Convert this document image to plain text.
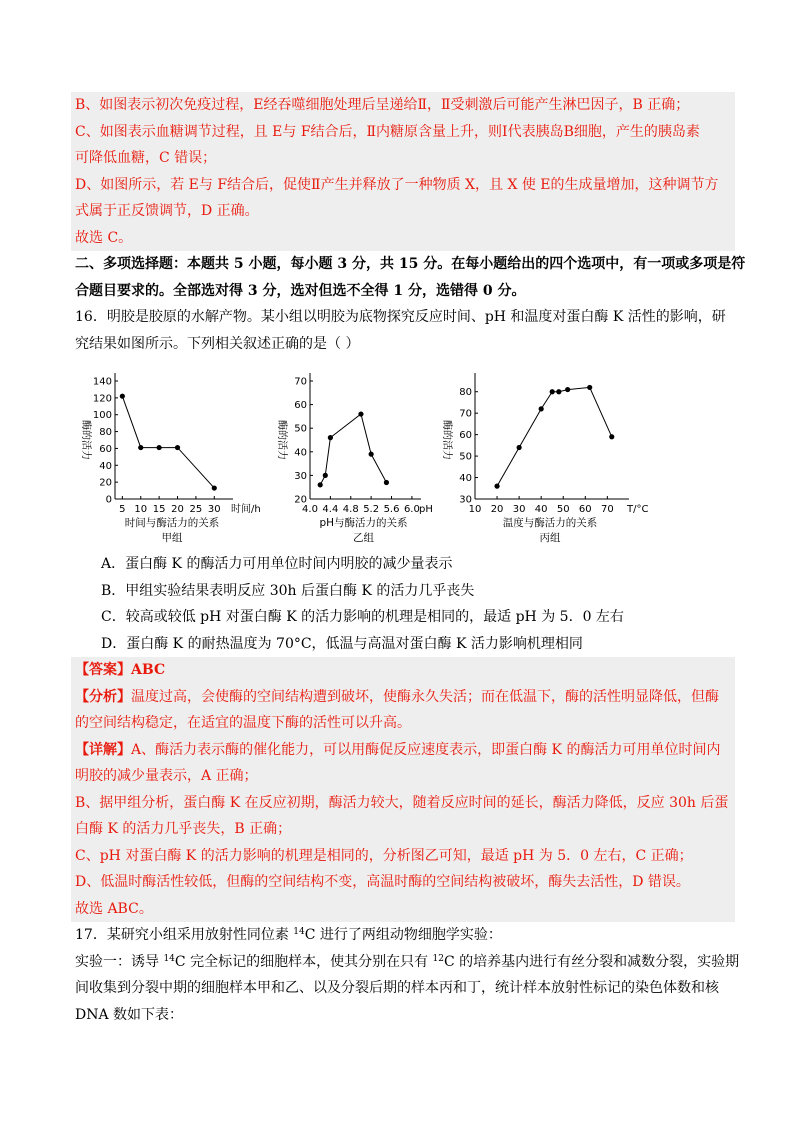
B、如图表示初次免疫过程，E经吞噬细胞处理后呈递给Ⅱ，Ⅱ受刺激后可能产生淋巴因子，B 正确；
C、如图表示血糖调节过程，且 E与 F结合后，Ⅱ内糖原含量上升，则Ⅰ代表胰岛B细胞，产生的胰岛素
可降低血糖，C 错误；
D、如图所示，若 E与 F结合后，促使Ⅱ产生并释放了一种物质 X，且 X 使 E的生成量增加，这种调节方
式属于正反馈调节，D 正确。
故选 C。
二、多项选择题：本题共 5 小题，每小题 3 分，共 15 分。在每小题给出的四个选项中，有一项或多项是符
合题目要求的。全部选对得 3 分，选对但选不全得 1 分，选错得 0 分。
16．明胶是胶原的水解产物。某小组以明胶为底物探究反应时间、pH 和温度对蛋白酶 K 活性的影响，研
究结果如图所示。下列相关叙述正确的是（ ）
0
20
40
60
80
100
120
140
5 10 15 20 25 30 时间/h
酶的活力
时间与酶活力的关系
甲组
20
30
40
50
60
70
4.0 4.4 4.8 5.2 5.6 6.0 pH
酶的活力
pH与酶活力的关系
乙组
30
40
50
60
70
80
10 20 30 40 50 60 70 T/°C
酶的活力
温度与酶活力的关系
丙组
A．蛋白酶 K 的酶活力可用单位时间内明胶的减少量表示
B．甲组实验结果表明反应 30h 后蛋白酶 K 的活力几乎丧失
C．较高或较低 pH 对蛋白酶 K 的活力影响的机理是相同的，最适 pH 为 5．0 左右
D．蛋白酶 K 的耐热温度为 70°C，低温与高温对蛋白酶 K 活力影响机理相同
【答案】ABC
【分析】温度过高，会使酶的空间结构遭到破坏，使酶永久失活；而在低温下，酶的活性明显降低，但酶
的空间结构稳定，在适宜的温度下酶的活性可以升高。
【详解】A、酶活力表示酶的催化能力，可以用酶促反应速度表示，即蛋白酶 K 的酶活力可用单位时间内
明胶的减少量表示，A 正确；
B、据甲组分析，蛋白酶 K 在反应初期，酶活力较大，随着反应时间的延长，酶活力降低，反应 30h 后蛋
白酶 K 的活力几乎丧失，B 正确；
C、pH 对蛋白酶 K 的活力影响的机理是相同的，分析图乙可知，最适 pH 为 5．0 左右，C 正确；
D、低温时酶活性较低，但酶的空间结构不变，高温时酶的空间结构被破坏，酶失去活性，D 错误。
故选 ABC。
17．某研究小组采用放射性同位素 $^{14}$C 进行了两组动物细胞学实验：
实验一：诱导 $^{14}$C 完全标记的细胞样本，使其分别在只有 $^{12}$C 的培养基内进行有丝分裂和减数分裂，实验期
间收集到分裂中期的细胞样本甲和乙、以及分裂后期的样本丙和丁，统计样本放射性标记的染色体数和核
DNA 数如下表：
